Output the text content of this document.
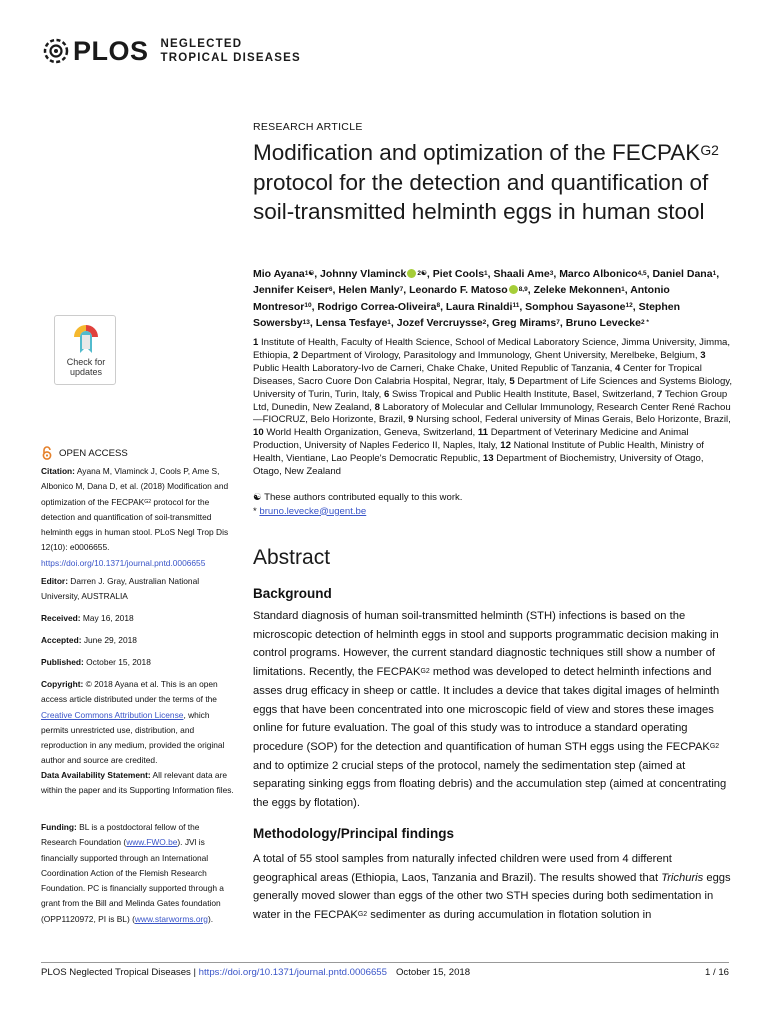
PLOS NEGLECTED
TROPICAL DISEASES
RESEARCH ARTICLE
Modification and optimization of the $FECPAK^{G2}$ protocol for the detection and quantification of soil-transmitted helminth eggs in human stool
Mio Ayana$^{1☯}$, Johnny Vlaminck $^{2☯}$, Piet Cools$^1$, Shaali Ame$^3$, Marco Albonico$^{4,5}$, Daniel Dana$^1$, Jennifer Keiser$^6$, Helen Manly$^7$, Leonardo F. Matoso $^{8,9}$, Zeleke Mekonnen$^1$, Antonio Montresor$^{10}$, Rodrigo Correa-Oliveira$^8$, Laura Rinaldi$^{11}$, Somphou Sayasone$^{12}$, Stephen Sowersby$^{13}$, Lensa Tesfaye$^1$, Jozef Vercruysse$^2$, Greg Mirams$^7$, Bruno Levecke$^{2 *}$
1 Institute of Health, Faculty of Health Science, School of Medical Laboratory Science, Jimma University, Jimma, Ethiopia, 2 Department of Virology, Parasitology and Immunology, Ghent University, Merelbeke, Belgium, 3 Public Health Laboratory-Ivo de Carneri, Chake Chake, United Republic of Tanzania, 4 Center for Tropical Diseases, Sacro Cuore Don Calabria Hospital, Negrar, Italy, 5 Department of Life Sciences and Systems Biology, University of Turin, Turin, Italy, 6 Swiss Tropical and Public Health Institute, Basel, Switzerland, 7 Techion Group Ltd, Dunedin, New Zealand, 8 Laboratory of Molecular and Cellular Immunology, Research Center René Rachou—FIOCRUZ, Belo Horizonte, Brazil, 9 Nursing school, Federal university of Minas Gerais, Belo Horizonte, Brazil, 10 World Health Organization, Geneva, Switzerland, 11 Department of Veterinary Medicine and Animal Production, University of Naples Federico II, Naples, Italy, 12 National Institute of Public Health, Ministry of Health, Vientiane, Lao People's Democratic Republic, 13 Department of Biochemistry, University of Otago, Otago, New Zealand
☯ These authors contributed equally to this work.
* bruno.levecke@ugent.be
Abstract
Background
Standard diagnosis of human soil-transmitted helminth (STH) infections is based on the microscopic detection of helminth eggs in stool and supports programmatic decision making in control programs. However, the current standard diagnostic techniques still show a number of limitations. Recently, the $FECPAK^{G2}$ method was developed to detect helminth infections and asses drug efficacy in sheep or cattle. It includes a device that takes digital images of helminth eggs that have been concentrated into one microscopic field of view and stores these images online for future evaluation. The goal of this study was to introduce a standard operating procedure (SOP) for the detection and quantification of human STH eggs using the $FECPAK^{G2}$ and to optimize 2 crucial steps of the protocol, namely the sedimentation step (aimed at separating sinking eggs from floating debris) and the accumulation step (aimed at concentrating the eggs by flotation).
Methodology/Principal findings
A total of 55 stool samples from naturally infected children were used from 4 different geographical areas (Ethiopia, Laos, Tanzania and Brazil). The results showed that Trichuris eggs generally moved slower than eggs of the other two STH species during both sedimentation in water in the $FECPAK^{G2}$ sedimenter as during accumulation in flotation solution in
Check for
updates
OPEN ACCESS
Citation: Ayana M, Vlaminck J, Cools P, Ame S, Albonico M, Dana D, et al. (2018) Modification and optimization of the $FECPAK^{G2}$ protocol for the detection and quantification of soil-transmitted helminth eggs in human stool. PLoS Negl Trop Dis 12(10): e0006655. https://doi.org/10.1371/journal.pntd.0006655
Editor: Darren J. Gray, Australian National University, AUSTRALIA
Received: May 16, 2018
Accepted: June 29, 2018
Published: October 15, 2018
Copyright: © 2018 Ayana et al. This is an open access article distributed under the terms of the Creative Commons Attribution License, which permits unrestricted use, distribution, and reproduction in any medium, provided the original author and source are credited.
Data Availability Statement: All relevant data are within the paper and its Supporting Information files.
Funding: BL is a postdoctoral fellow of the Research Foundation (www.FWO.be). JVl is financially supported through an International Coordination Action of the Flemish Research Foundation. PC is financially supported through a grant from the Bill and Melinda Gates foundation (OPP1120972, PI is BL) (www.starworms.org).
PLOS Neglected Tropical Diseases | https://doi.org/10.1371/journal.pntd.0006655 October 15, 2018	1 / 16
